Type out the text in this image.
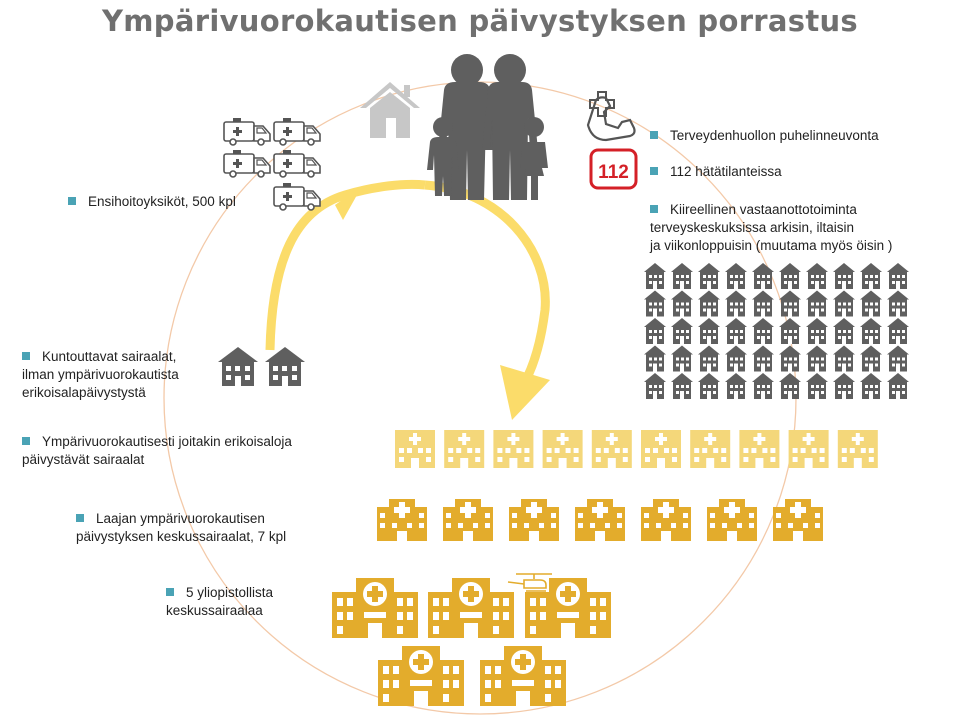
Ympärivuorokautisen päivystyksen porrastus
112
Terveydenhuollon puhelinneuvonta
112 hätätilanteissa
Kiireellinen vastaanottotoiminta
terveyskeskuksissa arkisin, iltaisin
ja viikonloppuisin (muutama myös öisin )
Ensihoitoyksiköt, 500 kpl
Kuntouttavat sairaalat,
ilman ympärivuorokautista
erikoisalapäivystystä
Ympärivuorokautisesti joitakin erikoisaloja
päivystävät sairaalat
Laajan ympärivuorokautisen
päivystyksen keskussairaalat, 7 kpl
5 yliopistollista
keskussairaalaa
